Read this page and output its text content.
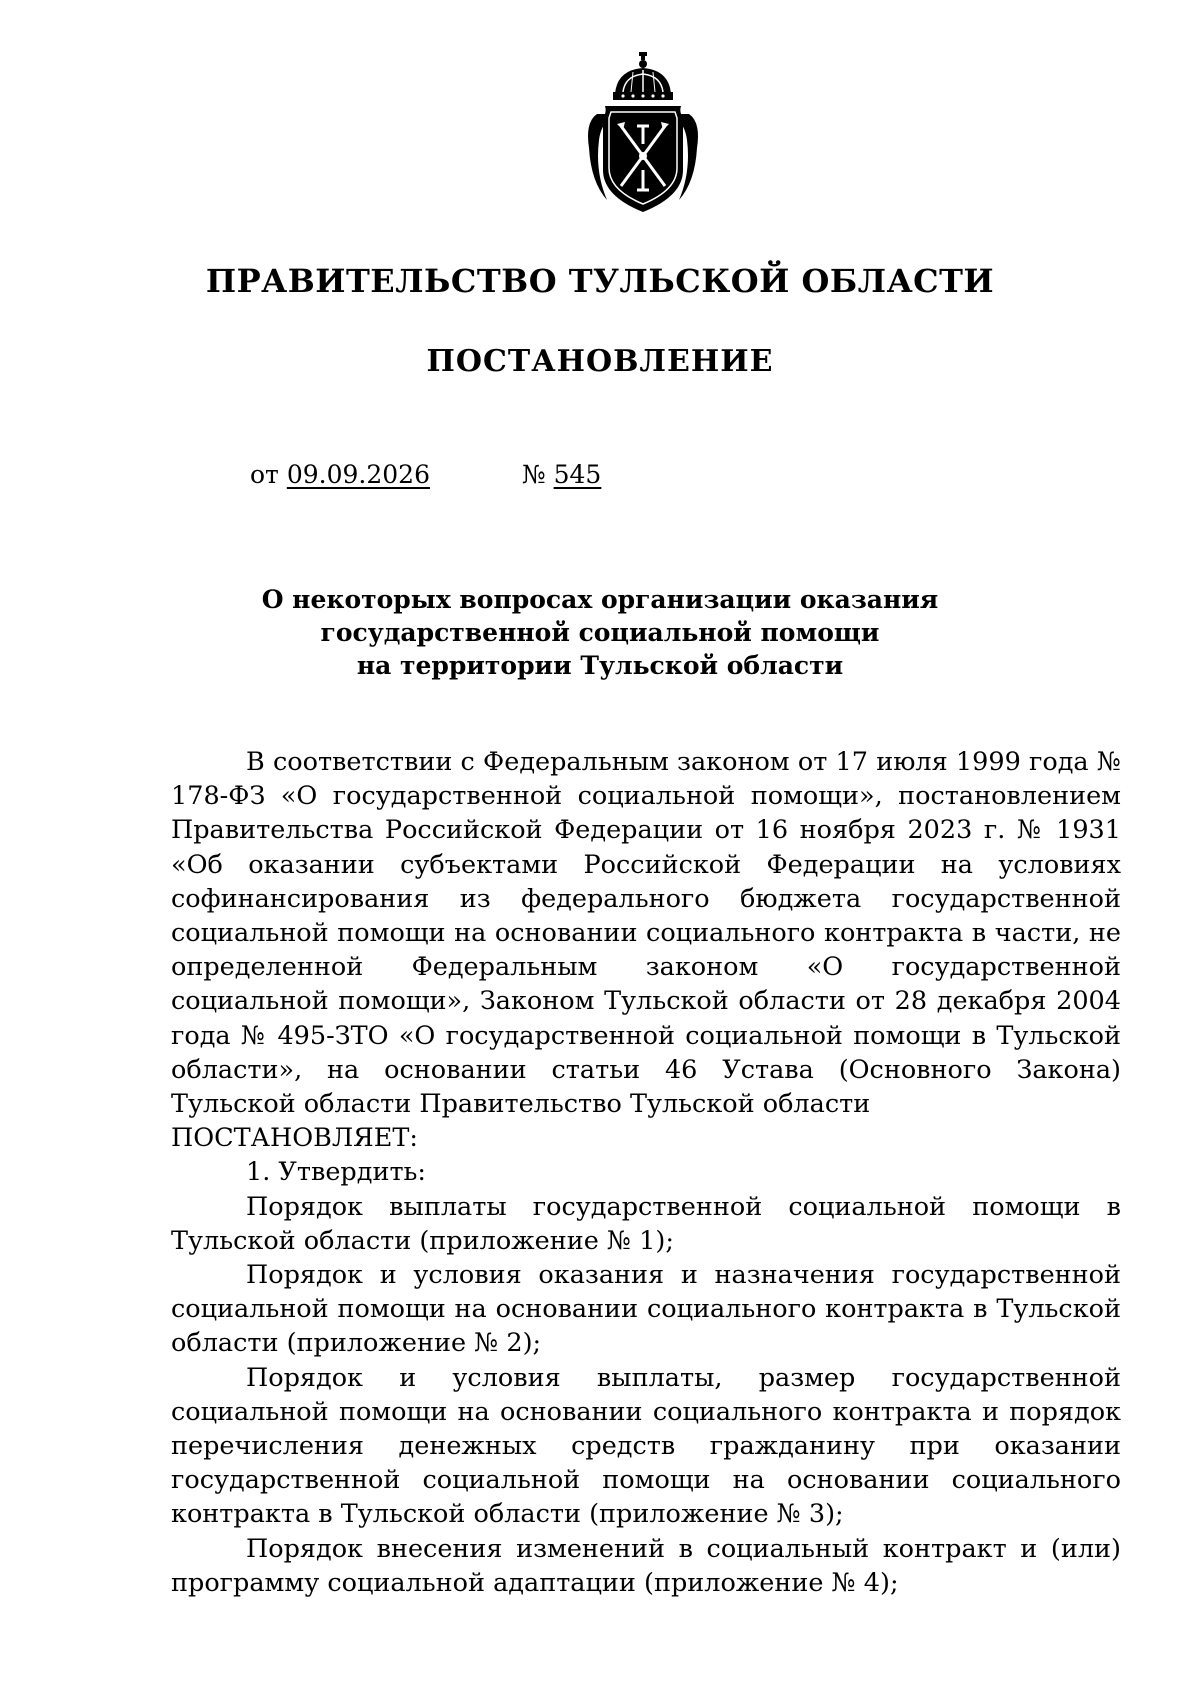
ПРАВИТЕЛЬСТВО ТУЛЬСКОЙ ОБЛАСТИ
ПОСТАНОВЛЕНИЕ
от 09.09.2026	№ 545
О некоторых вопросах организации оказания
государственной социальной помощи
на территории Тульской области

В соответствии с Федеральным законом от 17 июля 1999 года № 178-ФЗ «О государственной социальной помощи», постановлением Правительства Российской Федерации от 16 ноября 2023 г. № 1931 «Об оказании субъектами Российской Федерации на условиях софинансирования из федерального бюджета государственной социальной помощи на основании социального контракта в части, не определенной Федеральным законом «О государственной социальной помощи», Законом Тульской области от 28 декабря 2004 года № 495-ЗТО «О государственной социальной помощи в Тульской области», на основании статьи 46 Устава (Основного Закона) Тульской области Правительство Тульской области

ПОСТАНОВЛЯЕТ:

1. Утвердить:

Порядок выплаты государственной социальной помощи в Тульской области (приложение № 1);

Порядок и условия оказания и назначения государственной социальной помощи на основании социального контракта в Тульской области (приложение № 2);

Порядок и условия выплаты, размер государственной социальной помощи на основании социального контракта и порядок перечисления денежных средств гражданину при оказании государственной социальной помощи на основании социального контракта в Тульской области (приложение № 3);

Порядок внесения изменений в социальный контракт и (или) программу социальной адаптации (приложение № 4);
